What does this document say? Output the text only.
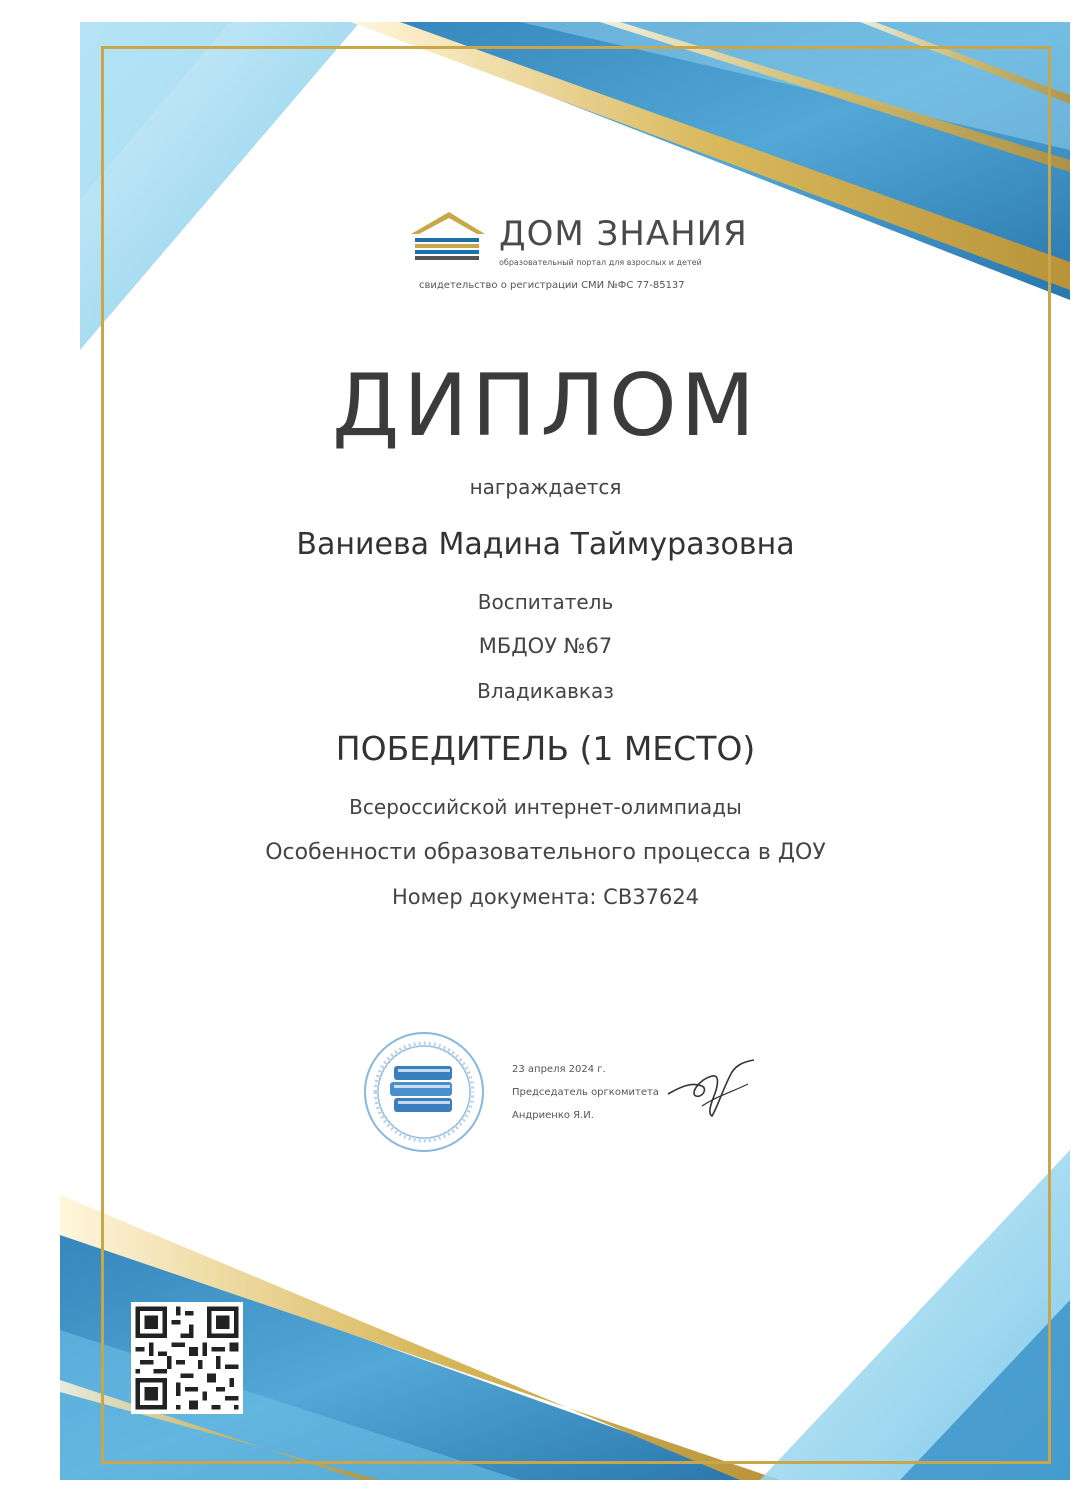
ДОМ ЗНАНИЯ
образовательный портал для взрослых и детей
свидетельство о регистрации СМИ №ФС 77-85137
ДИПЛОМ
награждается
Ваниева Мадина Таймуразовна
Воспитатель
МБДОУ №67
Владикавказ
ПОБЕДИТЕЛЬ (1 МЕСТО)
Всероссийской интернет-олимпиады
Особенности образовательного процесса в ДОУ
Номер документа: СВ37624
23 апреля 2024 г.
Председатель оргкомитета
Андриенко Я.И.
